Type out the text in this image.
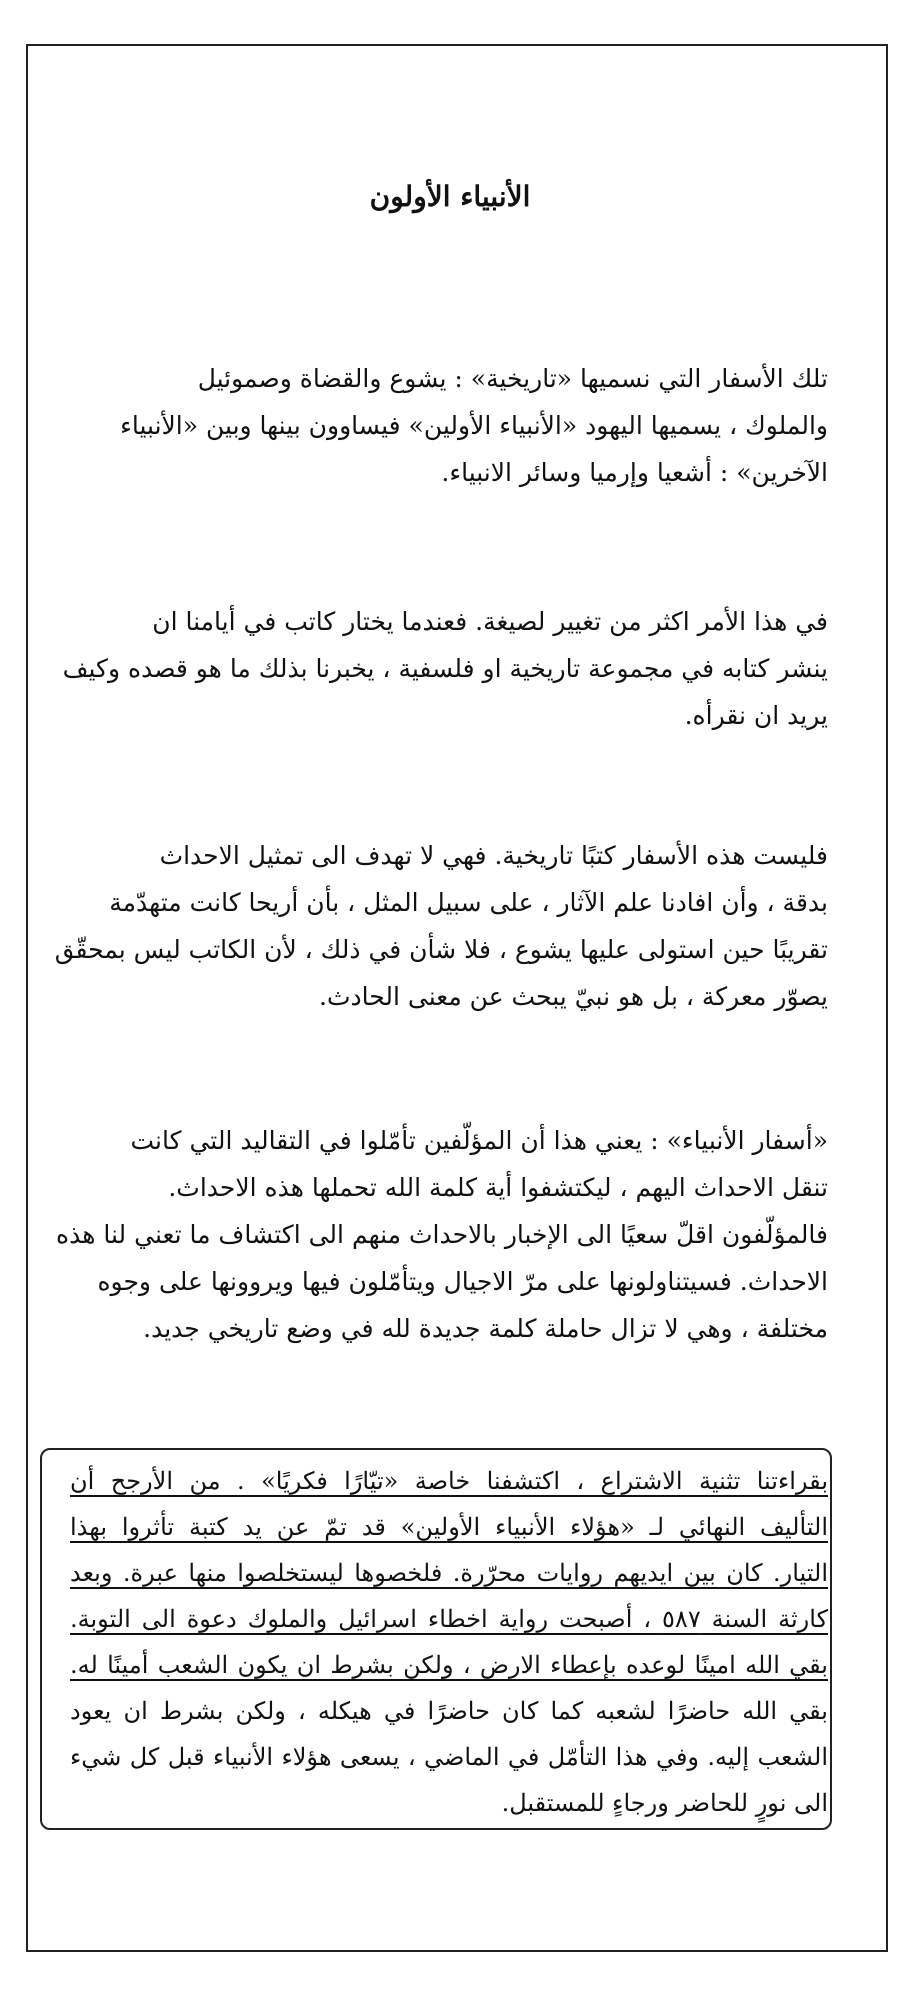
الأنبياء الأولون

تلك الأسفار التي نسميها «تاريخية» : يشوع والقضاة وصموئيل
والملوك ، يسميها اليهود «الأنبياء الأولين» فيساوون بينها وبين «الأنبياء
الآخرين» : أشعيا وإرميا وسائر الانبياء.

في هذا الأمر اكثر من تغيير لصيغة. فعندما يختار كاتب في أيامنا ان
ينشر كتابه في مجموعة تاريخية او فلسفية ، يخبرنا بذلك ما هو قصده وكيف
يريد ان نقرأه.

فليست هذه الأسفار كتبًا تاريخية. فهي لا تهدف الى تمثيل الاحداث
بدقة ، وأن افادنا علم الآثار ، على سبيل المثل ، بأن أريحا كانت متهدّمة
تقريبًا حين استولى عليها يشوع ، فلا شأن في ذلك ، لأن الكاتب ليس بمحقّق
يصوّر معركة ، بل هو نبيّ يبحث عن معنى الحادث.

«أسفار الأنبياء» : يعني هذا أن المؤلّفين تأمّلوا في التقاليد التي كانت
تنقل الاحداث اليهم ، ليكتشفوا أية كلمة الله تحملها هذه الاحداث.
فالمؤلّفون اقلّ سعيًا الى الإخبار بالاحداث منهم الى اكتشاف ما تعني لنا هذه
الاحداث. فسيتناولونها على مرّ الاجيال ويتأمّلون فيها ويروونها على وجوه
مختلفة ، وهي لا تزال حاملة كلمة جديدة لله في وضع تاريخي جديد.

بقراءتنا تثنية الاشتراع ، اكتشفنا خاصة «تيّارًا فكريًا» . من الأرجح أن
التأليف النهائي لـ «هؤلاء الأنبياء الأولين» قد تمّ عن يد كتبة تأثروا بهذا
التيار. كان بين ايديهم روايات محرّرة. فلخصوها ليستخلصوا منها عبرة. وبعد
كارثة السنة ٥٨٧ ، أصبحت رواية اخطاء اسرائيل والملوك دعوة الى التوبة.
بقي الله امينًا لوعده بإعطاء الارض ، ولكن بشرط ان يكون الشعب أمينًا له.
بقي الله حاضرًا لشعبه كما كان حاضرًا في هيكله ، ولكن بشرط ان يعود
الشعب إليه. وفي هذا التأمّل في الماضي ، يسعى هؤلاء الأنبياء قبل كل شيء
الى نورٍ للحاضر ورجاءٍ للمستقبل.
